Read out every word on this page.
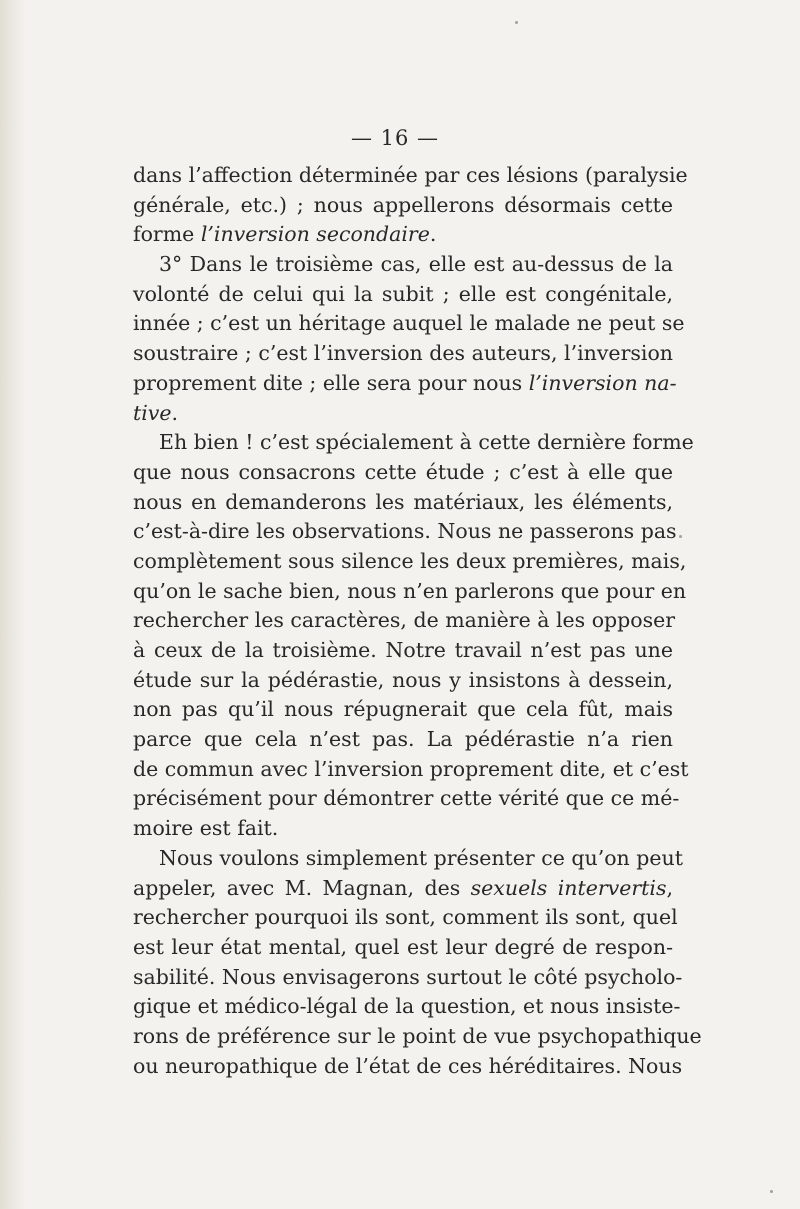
— 16 —
dans l’affection déterminée par ces lésions (paralysie
générale, etc.) ; nous appellerons désormais cette
forme l’inversion secondaire.
3° Dans le troisième cas, elle est au-dessus de la
volonté de celui qui la subit ; elle est congénitale,
innée ; c’est un héritage auquel le malade ne peut se
soustraire ; c’est l’inversion des auteurs, l’inversion
proprement dite ; elle sera pour nous l’inversion na-
tive.
Eh bien ! c’est spécialement à cette dernière forme
que nous consacrons cette étude ; c’est à elle que
nous en demanderons les matériaux, les éléments,
c’est-à-dire les observations. Nous ne passerons pas
complètement sous silence les deux premières, mais,
qu’on le sache bien, nous n’en parlerons que pour en
rechercher les caractères, de manière à les opposer
à ceux de la troisième. Notre travail n’est pas une
étude sur la pédérastie, nous y insistons à dessein,
non pas qu’il nous répugnerait que cela fût, mais
parce que cela n’est pas. La pédérastie n’a rien
de commun avec l’inversion proprement dite, et c’est
précisément pour démontrer cette vérité que ce mé-
moire est fait.
Nous voulons simplement présenter ce qu’on peut
appeler, avec M. Magnan, des sexuels intervertis,
rechercher pourquoi ils sont, comment ils sont, quel
est leur état mental, quel est leur degré de respon-
sabilité. Nous envisagerons surtout le côté psycholo-
gique et médico-légal de la question, et nous insiste-
rons de préférence sur le point de vue psychopathique
ou neuropathique de l’état de ces héréditaires. Nous
